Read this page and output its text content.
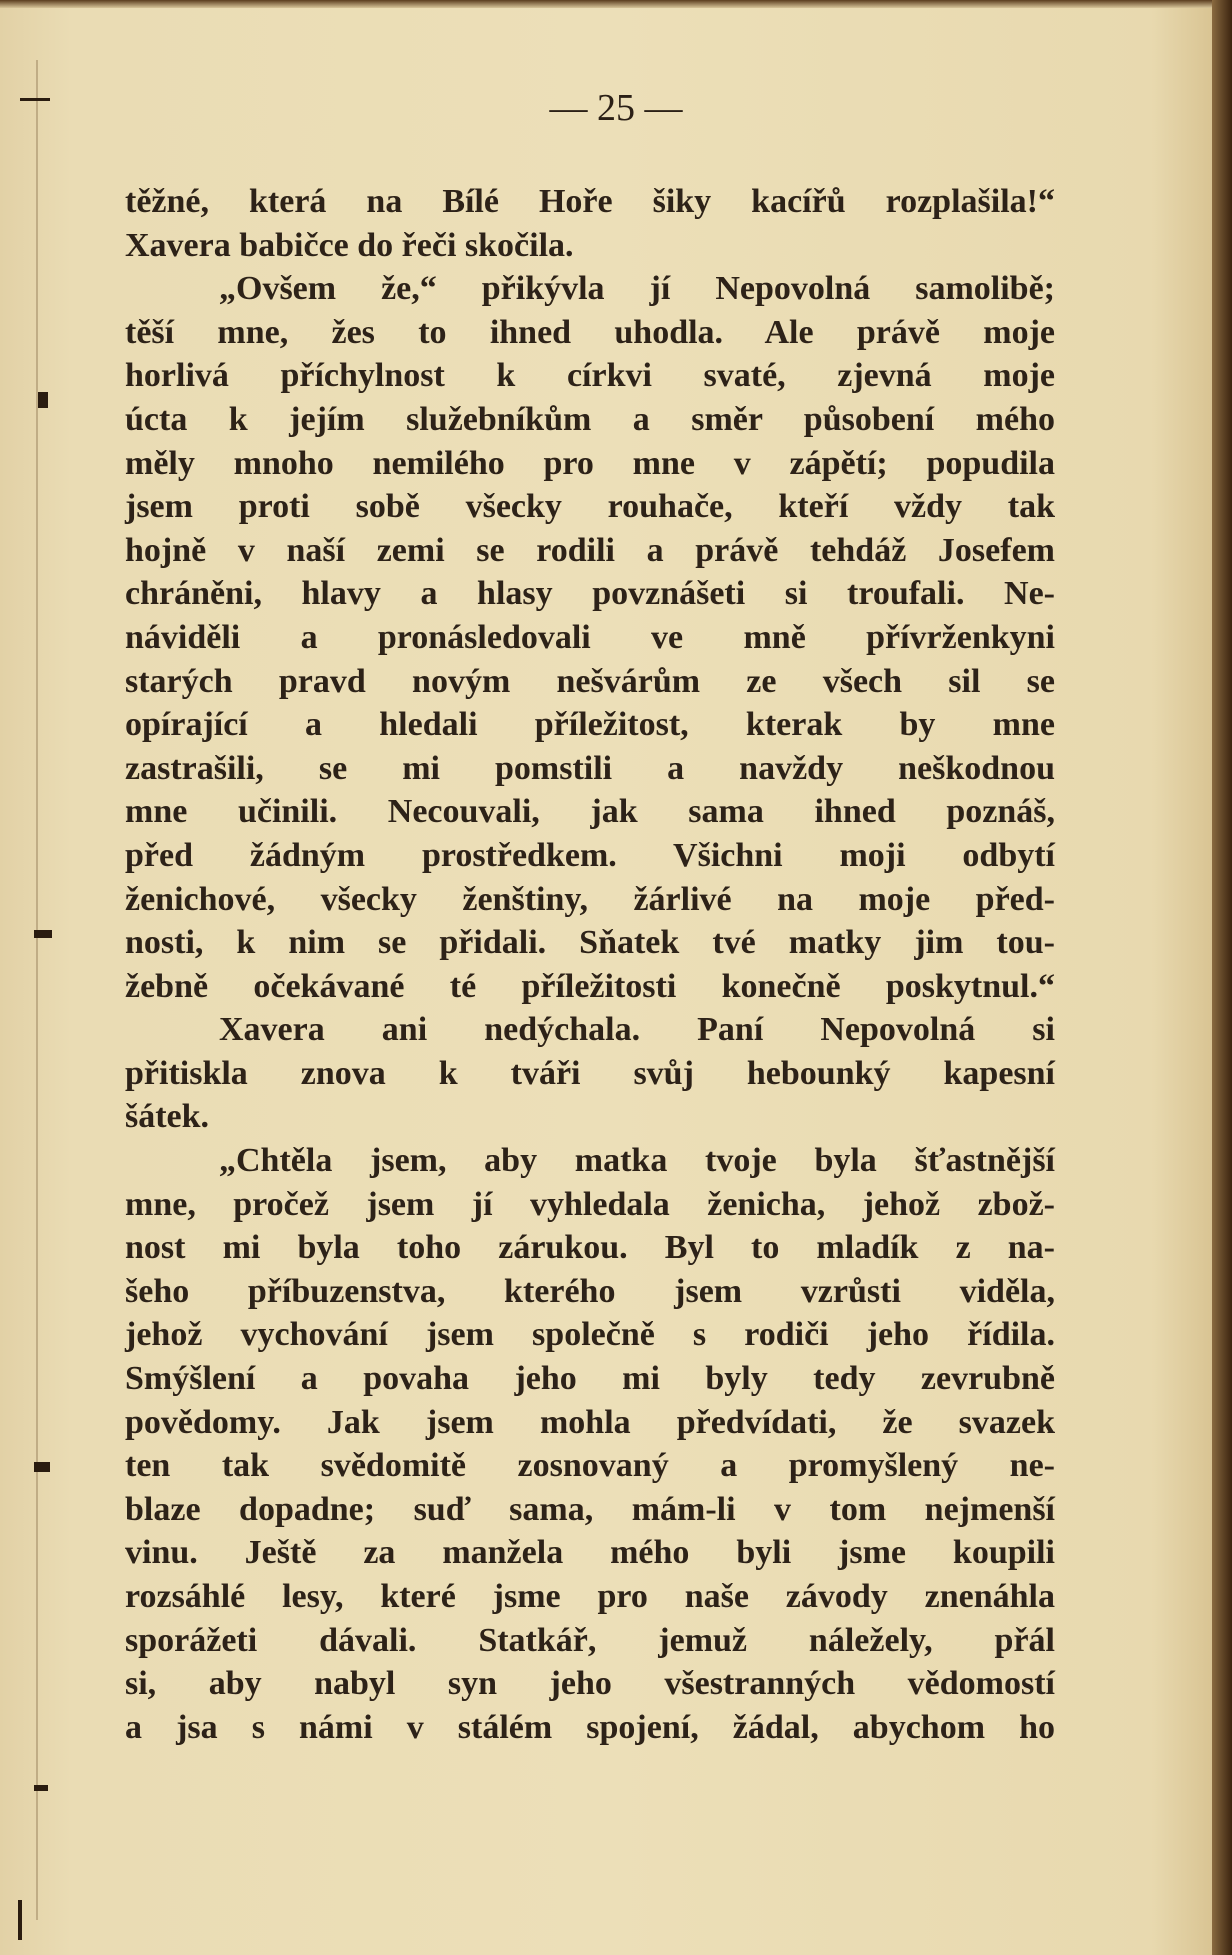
— 25 —
těžné, která na Bílé Hoře šiky kacířů rozplašila!“
Xavera babičce do řeči skočila.
„Ovšem že,“ přikývla jí Nepovolná samolibě;
těší mne, žes to ihned uhodla. Ale právě moje
horlivá příchylnost k církvi svaté, zjevná moje
úcta k jejím služebníkům a směr působení mého
měly mnoho nemilého pro mne v zápětí; popudila
jsem proti sobě všecky rouhače, kteří vždy tak
hojně v naší zemi se rodili a právě tehdáž Josefem
chráněni, hlavy a hlasy povznášeti si troufali. Ne-
náviděli a pronásledovali ve mně přívrženkyni
starých pravd novým nešvárům ze všech sil se
opírající a hledali příležitost, kterak by mne
zastrašili, se mi pomstili a navždy neškodnou
mne učinili. Necouvali, jak sama ihned poznáš,
před žádným prostředkem. Všichni moji odbytí
ženichové, všecky ženštiny, žárlivé na moje před-
nosti, k nim se přidali. Sňatek tvé matky jim tou-
žebně očekávané té příležitosti konečně poskytnul.“
Xavera ani nedýchala. Paní Nepovolná si
přitiskla znova k tváři svůj hebounký kapesní
šátek.
„Chtěla jsem, aby matka tvoje byla šťastnější
mne, pročež jsem jí vyhledala ženicha, jehož zbož-
nost mi byla toho zárukou. Byl to mladík z na-
šeho příbuzenstva, kterého jsem vzrůsti viděla,
jehož vychování jsem společně s rodiči jeho řídila.
Smýšlení a povaha jeho mi byly tedy zevrubně
povědomy. Jak jsem mohla předvídati, že svazek
ten tak svědomitě zosnovaný a promyšlený ne-
blaze dopadne; suď sama, mám-li v tom nejmenší
vinu. Ještě za manžela mého byli jsme koupili
rozsáhlé lesy, které jsme pro naše závody znenáhla
sporážeti dávali. Statkář, jemuž náležely, přál
si, aby nabyl syn jeho všestranných vědomostí
a jsa s námi v stálém spojení, žádal, abychom ho
